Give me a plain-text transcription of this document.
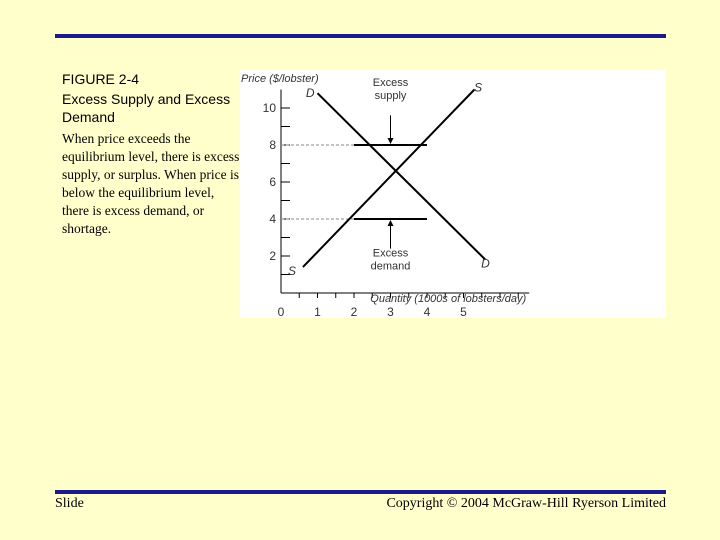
FIGURE 2-4
Excess Supply and Excess Demand
When price exceeds the equilibrium level, there is excess supply, or surplus. When price is below the equilibrium level, there is excess demand, or shortage.
0 1 2 3 4 5
2
4
6
8
10
Price ($/lobster)
Quantity (1000s of lobsters/day)
D
D
S
S
Excess
supply
Excess
demand
Slide	Copyright © 2004 McGraw-Hill Ryerson Limited
